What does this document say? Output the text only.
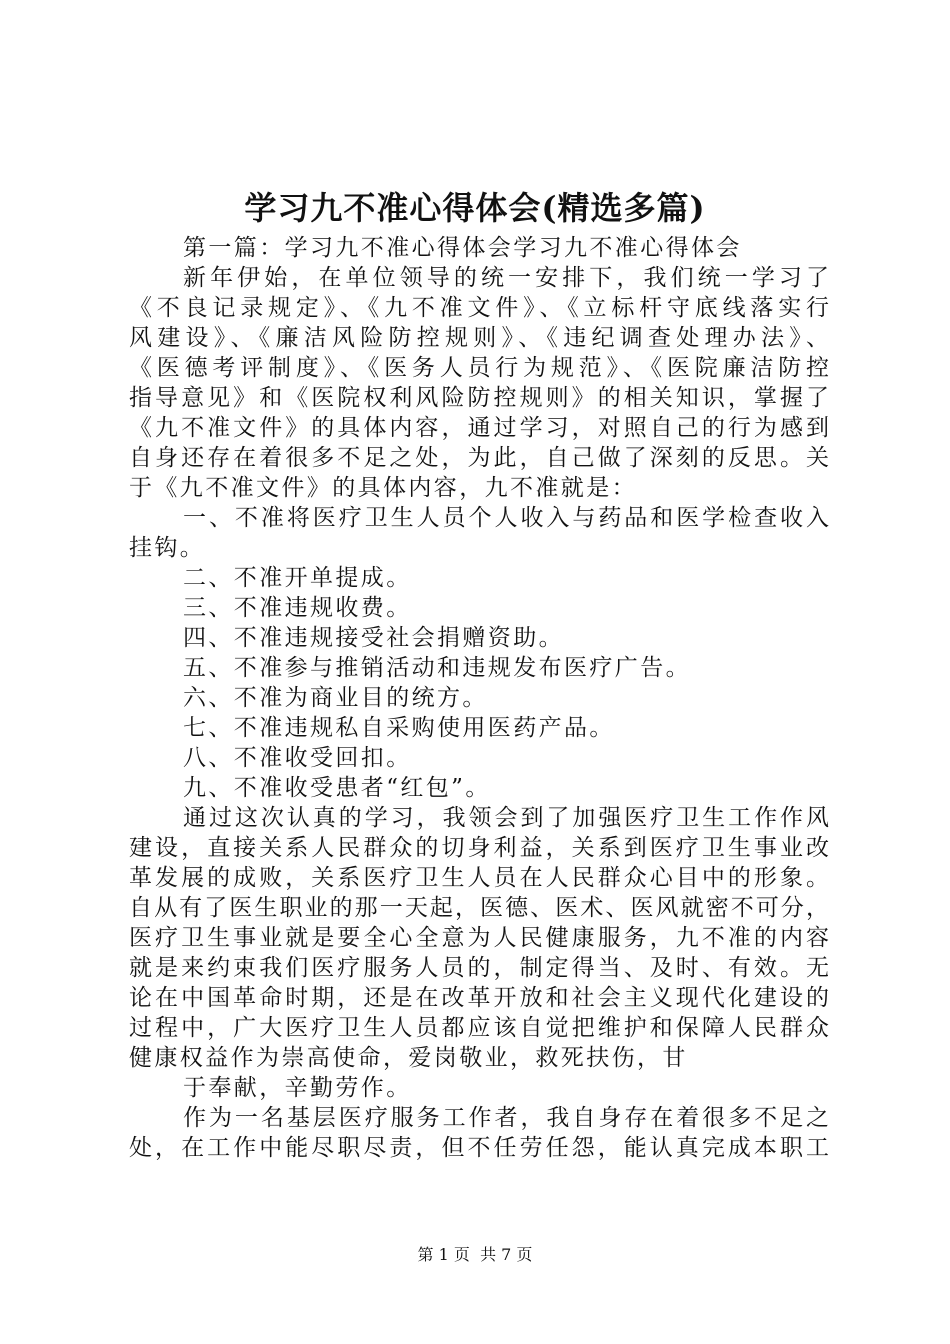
学习九不准心得体会(精选多篇)
第一篇：学习九不准心得体会学习九不准心得体会
新年伊始，在单位领导的统一安排下，我们统一学习了
《不良记录规定》、《九不准文件》、《立标杆守底线落实行
风建设》、《廉洁风险防控规则》、《违纪调查处理办法》、
《医德考评制度》、《医务人员行为规范》、《医院廉洁防控
指导意见》和《医院权利风险防控规则》的相关知识，掌握了
《九不准文件》的具体内容，通过学习，对照自己的行为感到
自身还存在着很多不足之处，为此，自己做了深刻的反思。关
于《九不准文件》的具体内容，九不准就是：
一、不准将医疗卫生人员个人收入与药品和医学检查收入
挂钩。
二、不准开单提成。
三、不准违规收费。
四、不准违规接受社会捐赠资助。
五、不准参与推销活动和违规发布医疗广告。
六、不准为商业目的统方。
七、不准违规私自采购使用医药产品。
八、不准收受回扣。
九、不准收受患者“红包”。
通过这次认真的学习，我领会到了加强医疗卫生工作作风
建设，直接关系人民群众的切身利益，关系到医疗卫生事业改
革发展的成败，关系医疗卫生人员在人民群众心目中的形象。
自从有了医生职业的那一天起，医德、医术、医风就密不可分，
医疗卫生事业就是要全心全意为人民健康服务，九不准的内容
就是来约束我们医疗服务人员的，制定得当、及时、有效。无
论在中国革命时期，还是在改革开放和社会主义现代化建设的
过程中，广大医疗卫生人员都应该自觉把维护和保障人民群众
健康权益作为崇高使命，爱岗敬业，救死扶伤，甘
于奉献，辛勤劳作。
作为一名基层医疗服务工作者，我自身存在着很多不足之
处，在工作中能尽职尽责，但不任劳任怨，能认真完成本职工
第 1 页  共 7 页
